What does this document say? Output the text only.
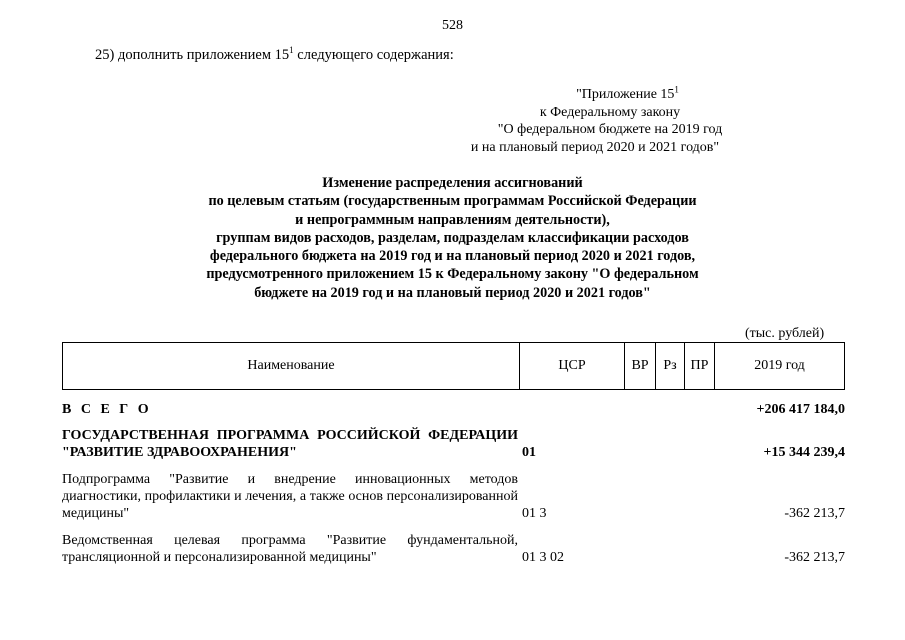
528
25) дополнить приложением $15^1$ следующего содержания:
"Приложение $15^1$
к Федеральному закону
"О федеральном бюджете на 2019 год
и на плановый период 2020 и 2021 годов"
Изменение распределения ассигнований
по целевым статьям (государственным программам Российской Федерации
и непрограммным направлениям деятельности),
группам видов расходов, разделам, подразделам классификации расходов
федерального бюджета на 2019 год и на плановый период 2020 и 2021 годов,
предусмотренного приложением 15 к Федеральному закону "О федеральном
бюджете на 2019 год и на плановый период 2020 и 2021 годов"
(тыс. рублей)
Наименование	ЦСР	ВР	Рз	ПР	2019 год
В С Е Г О	+206 417 184,0
ГОСУДАРСТВЕННАЯ ПРОГРАММА РОССИЙСКОЙ ФЕДЕРАЦИИ "РАЗВИТИЕ ЗДРАВООХРАНЕНИЯ"	01	+15 344 239,4
Подпрограмма "Развитие и внедрение инновационных методов диагностики, профилактики и лечения, а также основ персонализированной медицины"	01 3	-362 213,7
Ведомственная целевая программа "Развитие фундаментальной, трансляционной и персонализированной медицины"	01 3 02	-362 213,7
